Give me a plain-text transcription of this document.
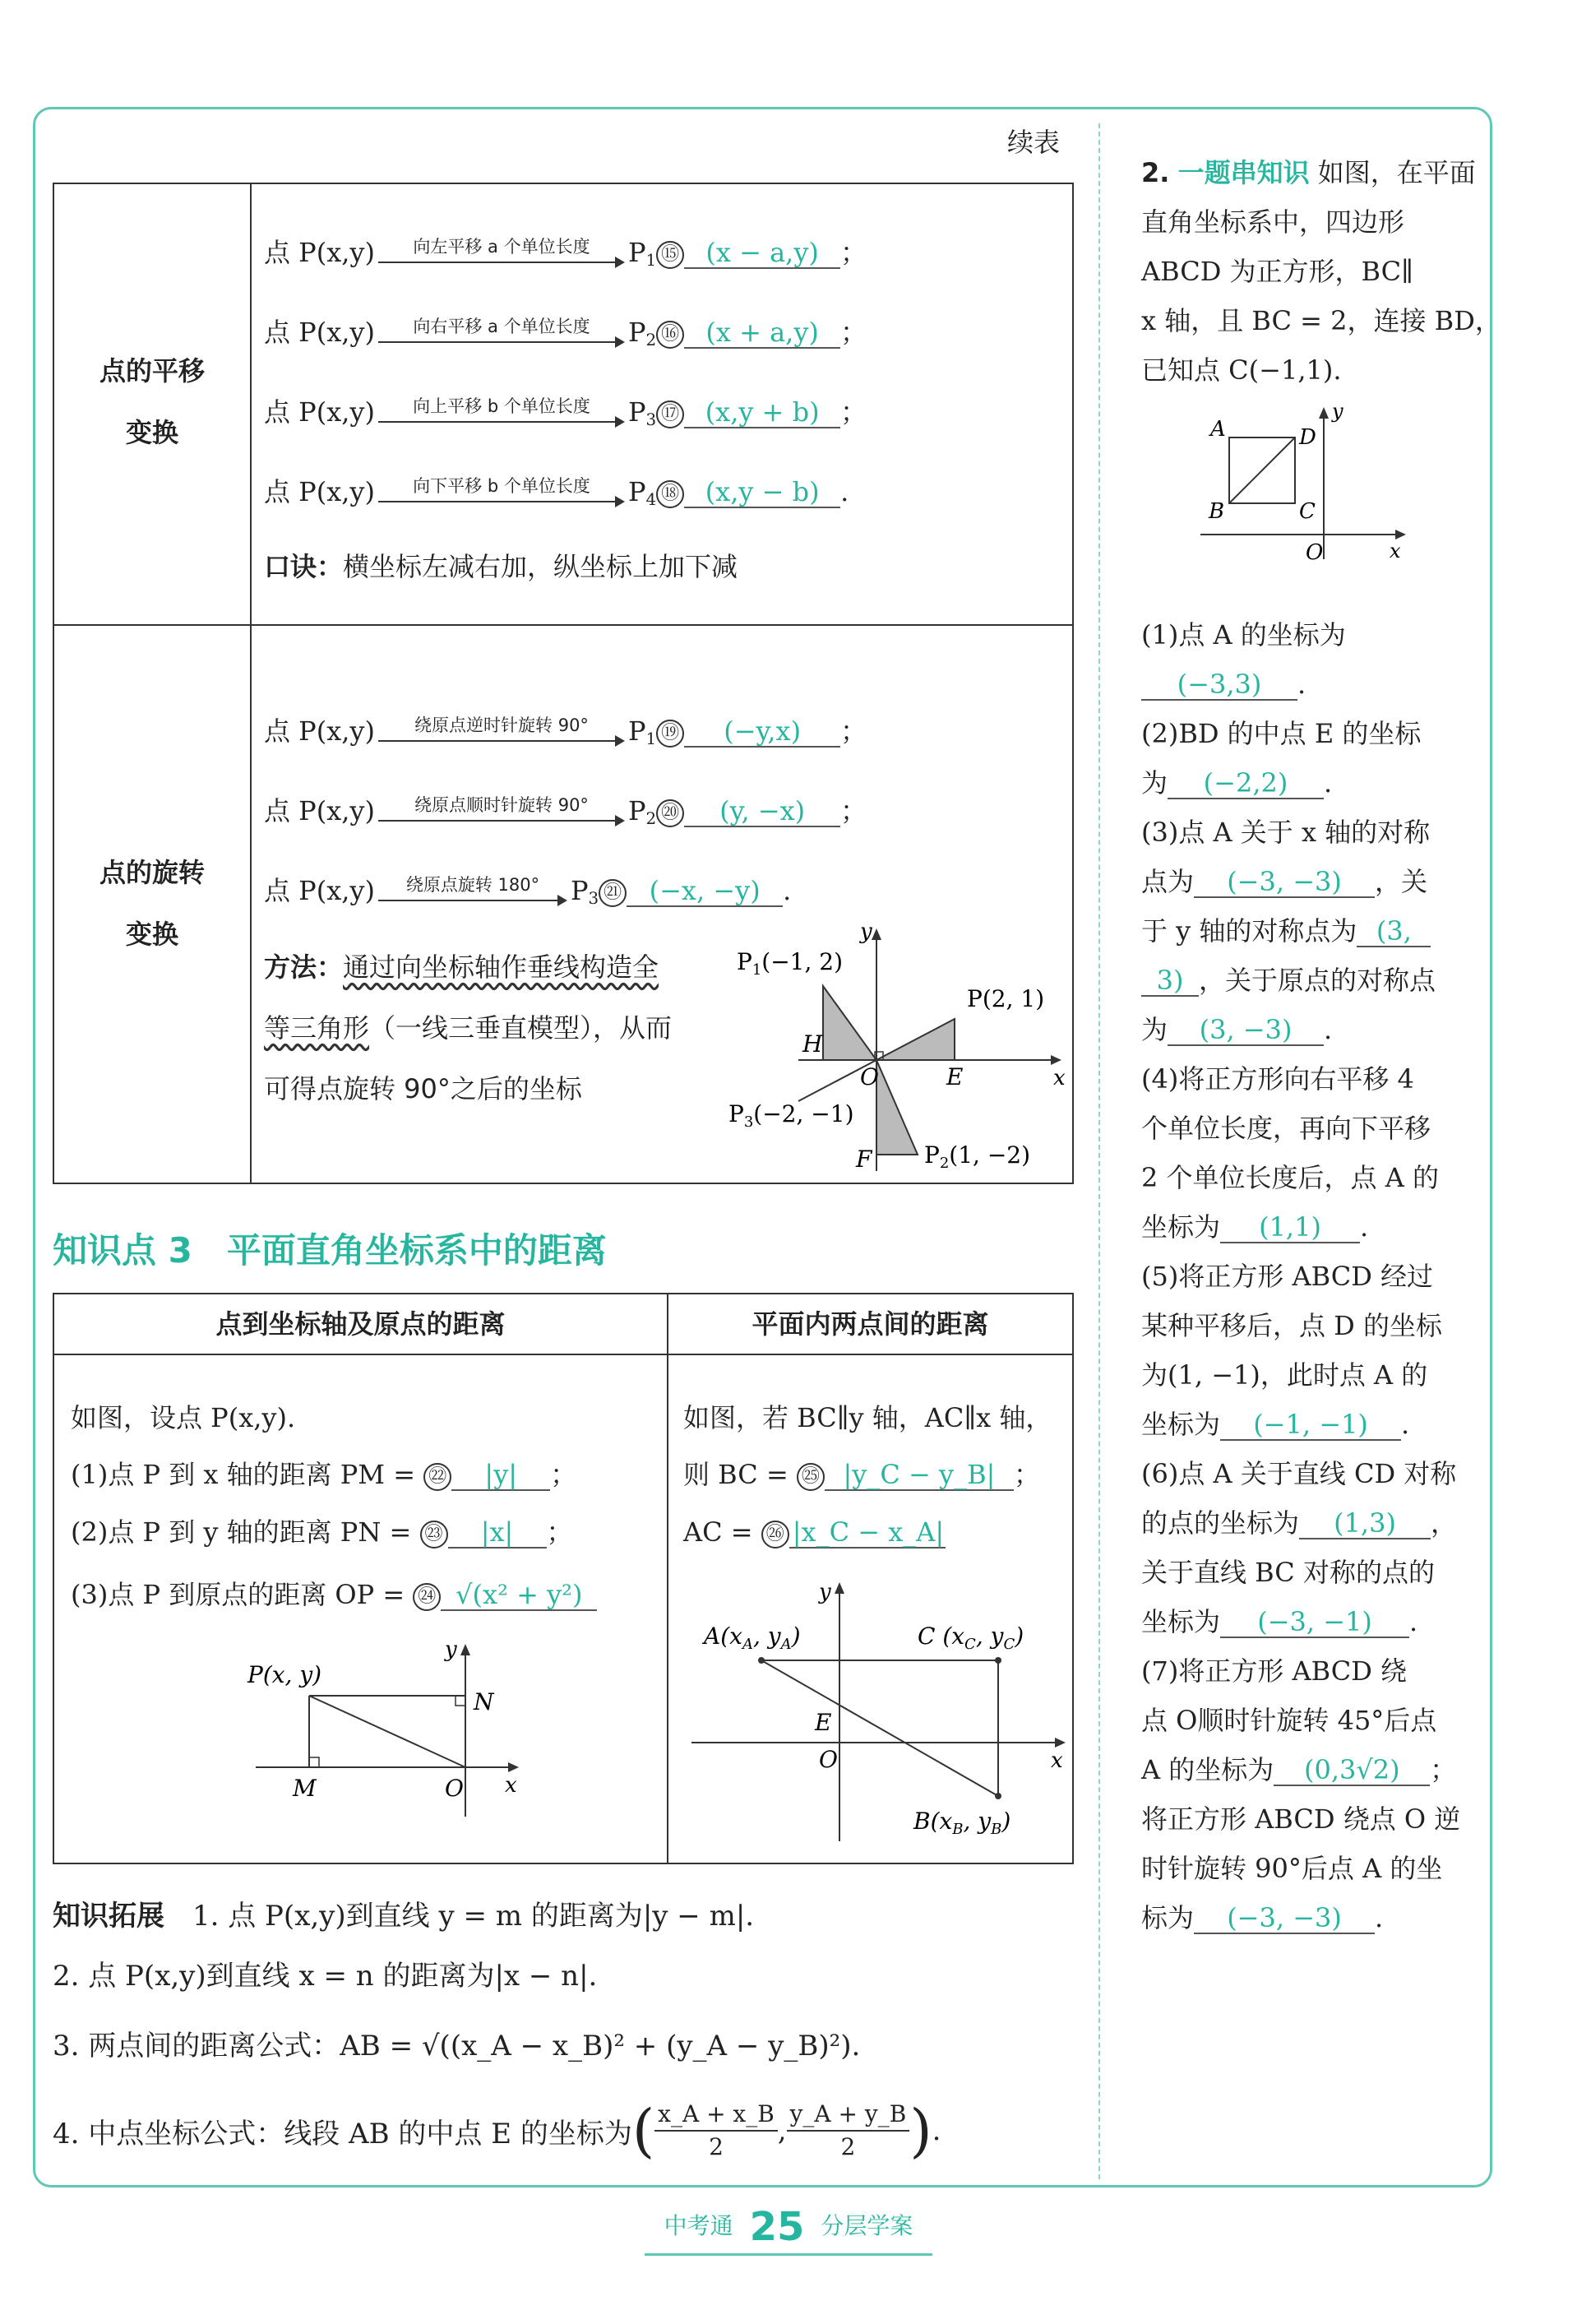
续表
点的平移
变换
点 P(x,y)	向左平移 a 个单位长度	$P_1$ ⑮ (x − a,y) ；
点 P(x,y)	向右平移 a 个单位长度	$P_2$ ⑯ (x + a,y) ；
点 P(x,y)	向上平移 b 个单位长度	$P_3$ ⑰ (x,y + b) ；
点 P(x,y)	向下平移 b 个单位长度	$P_4$ ⑱ (x,y − b) .
口诀：横坐标左减右加，纵坐标上加下减
点的旋转
变换
点 P(x,y)	绕原点逆时针旋转 90°	$P_1$ ⑲ (−y,x) ；
点 P(x,y)	绕原点顺时针旋转 90°	$P_2$ ⑳ (y, −x) ；
点 P(x,y)	绕原点旋转 180°	$P_3$ ㉑ (−x, −y) .
方法：通过向坐标轴作垂线构造全
等三角形（一线三垂直模型），从而
可得点旋转 90°之后的坐标
$P_1(-1$, 2)
P(2, 1)
H
O	E	x
y
$P_3(-2$, −1)
F $P_2(1$, −2)
知识点 3　平面直角坐标系中的距离
点到坐标轴及原点的距离	平面内两点间的距离
如图，设点 P(x,y).
(1)点 P 到 x 轴的距离 PM = ㉒ |y| ；
(2)点 P 到 y 轴的距离 PN = ㉓ |x| ；
(3)点 P 到原点的距离 OP = ㉔ √(x² + y²)
P(x, y)
N
M	O x
y
如图，若 BC∥y 轴，AC∥x 轴，
则 BC = ㉕ |y_C − y_B| ；
AC = ㉖ |x_C − x_A|
$A(x_A$, $y_A$)	C ($x_C$, $y_C$)
E
O
$B(x_B$, $y_B$)
x
y
知识拓展　 1. 点 P(x,y)到直线 y = m 的距离为|y − m|.
2. 点 P(x,y)到直线 x = n 的距离为|x − n|.
3. 两点间的距离公式：AB = √((x_A − x_B)² + (y_A − y_B)²).
4. 中点坐标公式：线段 AB 的中点 E 的坐标为 ( x_A + x_B
2 ,
y_A + y_B
2 ) .
2. 一题串知识 如图，在平面
直角坐标系中，四边形
ABCD 为正方形，BC∥
x 轴，且 BC = 2，连接 BD，
已知点 C(−1,1).
A	D
B	C
O	x
y
(1)点 A 的坐标为
(−3,3) .
(2)BD 的中点 E 的坐标
为 (−2,2) .
(3)点 A 关于 x 轴的对称
点为 (−3, −3) ，关
于 y 轴的对称点为 (3,
3) ，关于原点的对称点
为 (3, −3) .
(4)将正方形向右平移 4
个单位长度，再向下平移
2 个单位长度后，点 A 的
坐标为 (1,1) .
(5)将正方形 ABCD 经过
某种平移后，点 D 的坐标
为(1, −1)，此时点 A 的
坐标为 (−1, −1) .
(6)点 A 关于直线 CD 对称
的点的坐标为 (1,3) ，
关于直线 BC 对称的点的
坐标为 (−3, −1) .
(7)将正方形 ABCD 绕
点 O顺时针旋转 45°后点
A 的坐标为 (0,3√2) ；
将正方形 ABCD 绕点 O 逆
时针旋转 90°后点 A 的坐
标为 (−3, −3) .
中考通 25 分层学案
